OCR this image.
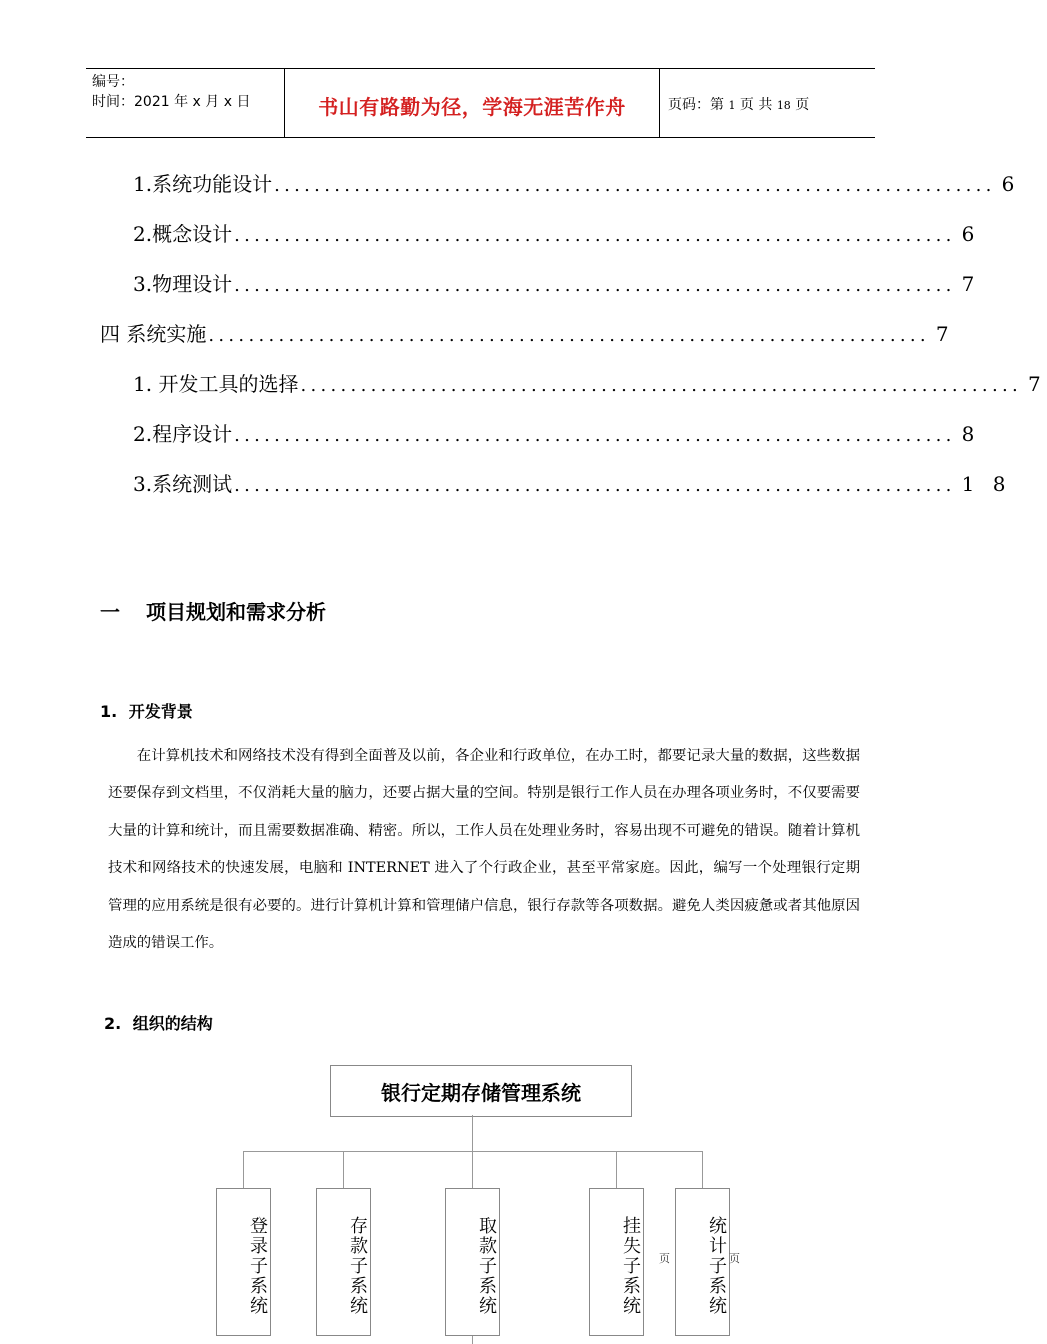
编号：
时间：2021 年 x 月 x 日	书山有路勤为径，学海无涯苦作舟	页码：第 1 页 共 18 页
1.系统功能设计 ........................................................................ 6
2.概念设计 ........................................................................ 6
3.物理设计 ........................................................................ 7
四 系统实施 ........................................................................ 7
1. 开发工具的选择 ........................................................................ 7
2.程序设计 ........................................................................ 8
3.系统测试 ........................................................................ 1 8
一 项目规划和需求分析
1. 开发背景

在计算机技术和网络技术没有得到全面普及以前，各企业和行政单位，在办工时，都要记录大量的数据，这些数据还要保存到文档里，不仅消耗大量的脑力，还要占据大量的空间。特别是银行工作人员在办理各项业务时，不仅要需要大量的计算和统计，而且需要数据准确、精密。所以，工作人员在处理业务时，容易出现不可避免的错误。随着计算机技术和网络技术的快速发展，电脑和 INTERNET 进入了个行政企业，甚至平常家庭。因此，编写一个处理银行定期管理的应用系统是很有必要的。进行计算机计算和管理储户信息，银行存款等各项数据。避免人类因疲惫或者其他原因造成的错误工作。

2. 组织的结构
银行定期存储管理系统
登录子系统	存款子系统	取款子系统	挂失子系统	统计子系统
页	页
